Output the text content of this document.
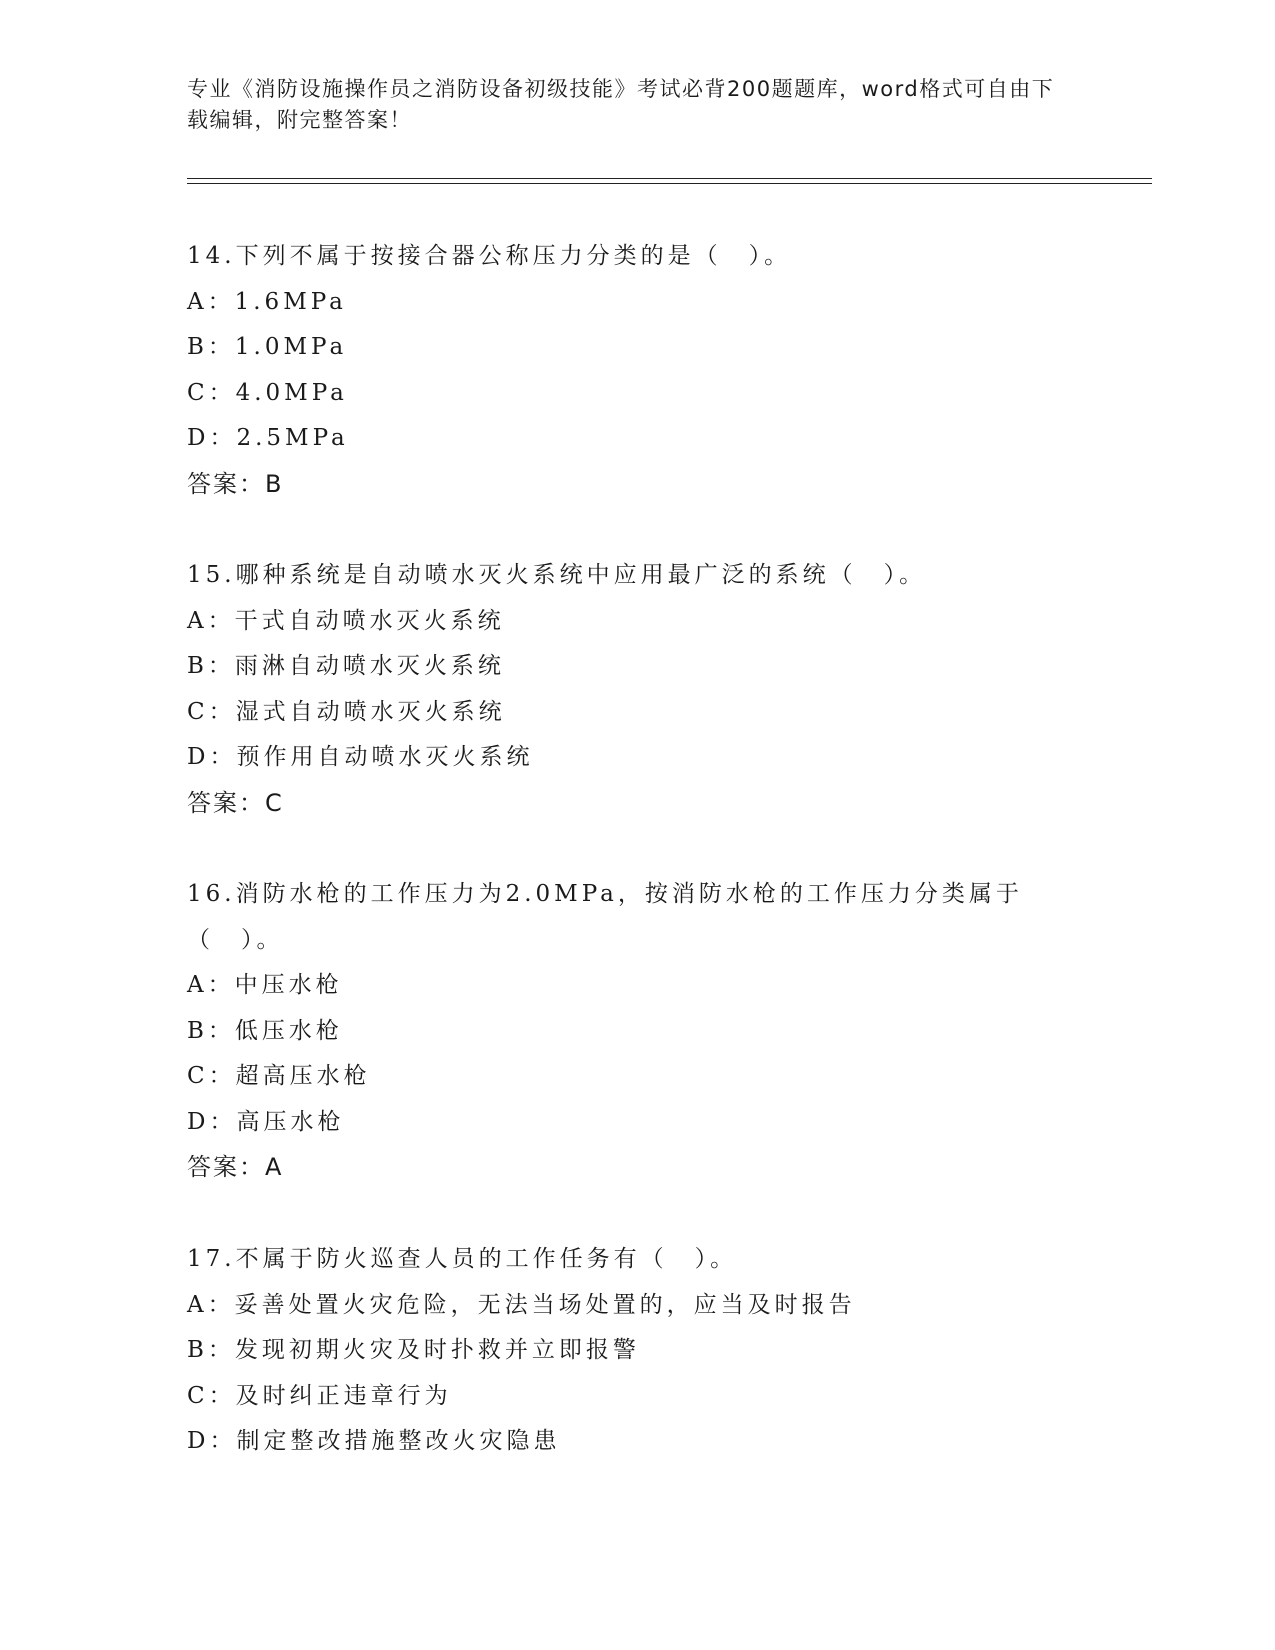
专业《消防设施操作员之消防设备初级技能》考试必背200题题库，word格式可自由下载编辑，附完整答案！
14.下列不属于按接合器公称压力分类的是（　）。
A：1.6MPa
B：1.0MPa
C：4.0MPa
D：2.5MPa
答案：B
15.哪种系统是自动喷水灭火系统中应用最广泛的系统（　）。
A：干式自动喷水灭火系统
B：雨淋自动喷水灭火系统
C：湿式自动喷水灭火系统
D：预作用自动喷水灭火系统
答案：C
16.消防水枪的工作压力为2.0MPa，按消防水枪的工作压力分类属于（　）。
A：中压水枪
B：低压水枪
C：超高压水枪
D：高压水枪
答案：A
17.不属于防火巡查人员的工作任务有（　）。
A：妥善处置火灾危险，无法当场处置的，应当及时报告
B：发现初期火灾及时扑救并立即报警
C：及时纠正违章行为
D：制定整改措施整改火灾隐患
